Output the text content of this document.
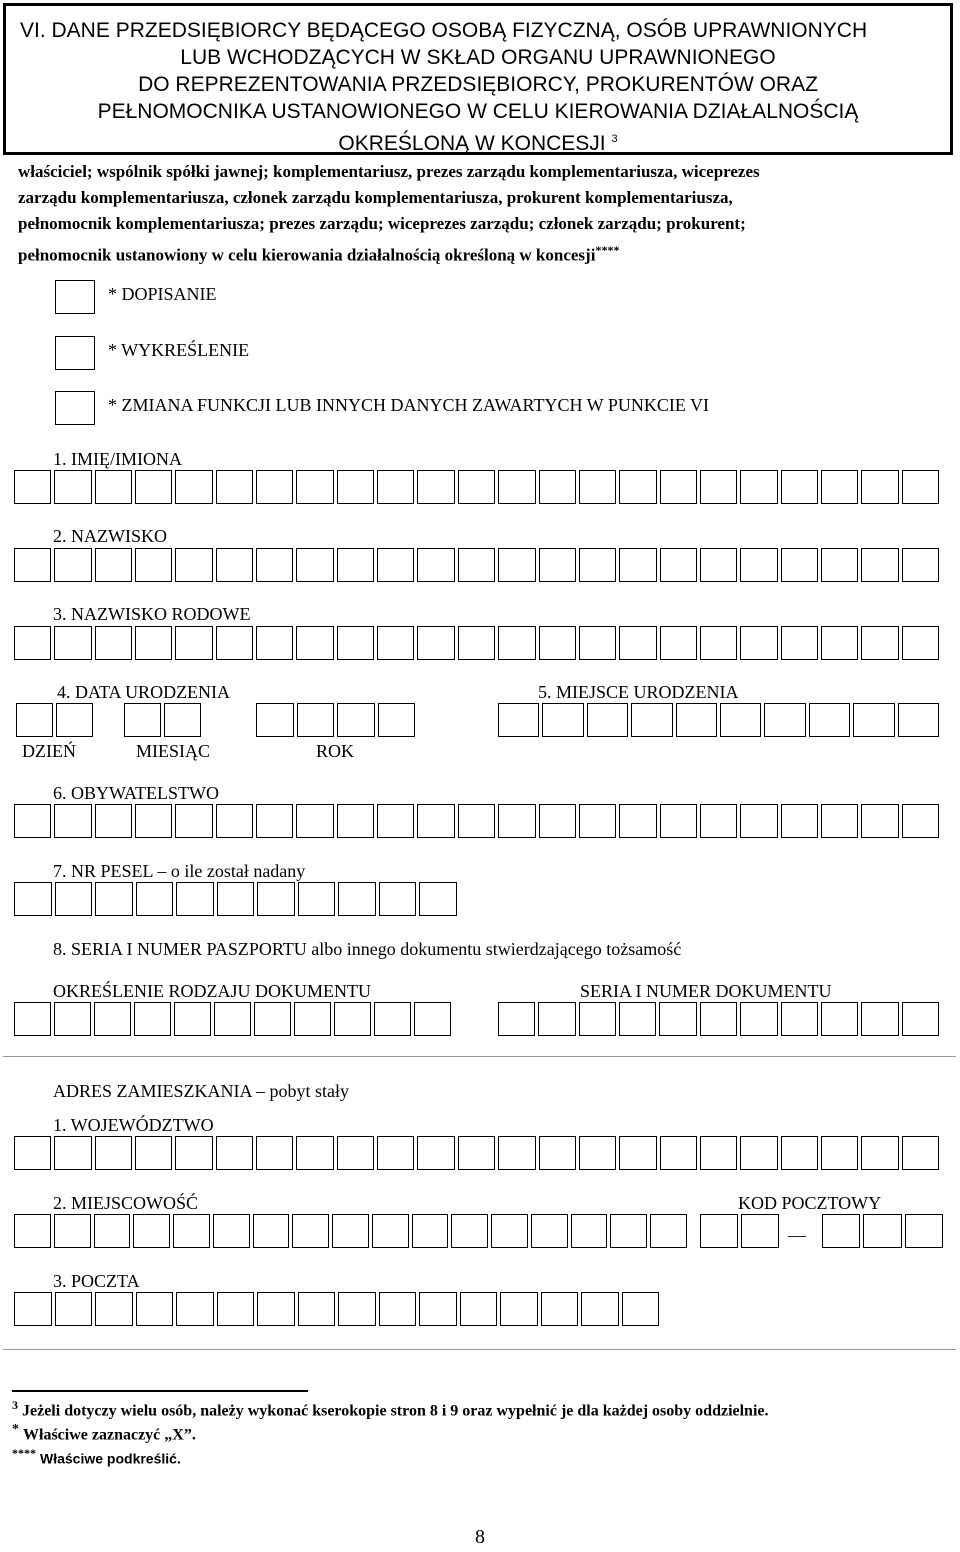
VI. DANE PRZEDSIĘBIORCY BĘDĄCEGO OSOBĄ FIZYCZNĄ, OSÓB UPRAWNIONYCH
LUB WCHODZĄCYCH W SKŁAD ORGANU UPRAWNIONEGO
DO REPREZENTOWANIA PRZEDSIĘBIORCY, PROKURENTÓW ORAZ
PEŁNOMOCNIKA USTANOWIONEGO W CELU KIEROWANIA DZIAŁALNOŚCIĄ
OKREŚLONĄ W KONCESJI $^3$
właściciel; wspólnik spółki jawnej; komplementariusz, prezes zarządu komplementariusza, wiceprezes
zarządu komplementariusza, członek zarządu komplementariusza, prokurent komplementariusza,
pełnomocnik komplementariusza; prezes zarządu; wiceprezes zarządu; członek zarządu; prokurent;
pełnomocnik ustanowiony w celu kierowania działalnością określoną w koncesji****
* DOPISANIE
* WYKREŚLENIE
* ZMIANA FUNKCJI LUB INNYCH DANYCH ZAWARTYCH W PUNKCIE VI
1. IMIĘ/IMIONA
2. NAZWISKO
3. NAZWISKO RODOWE
4. DATA URODZENIA	5. MIEJSCE URODZENIA
DZIEŃ	MIESIĄC	ROK
6. OBYWATELSTWO
7. NR PESEL – o ile został nadany
8. SERIA I NUMER PASZPORTU albo innego dokumentu stwierdzającego tożsamość
OKREŚLENIE RODZAJU DOKUMENTU	SERIA I NUMER DOKUMENTU
ADRES ZAMIESZKANIA – pobyt stały
1. WOJEWÓDZTWO
2. MIEJSCOWOŚĆ	KOD POCZTOWY
—
3. POCZTA
$^3$ Jeżeli dotyczy wielu osób, należy wykonać kserokopie stron 8 i 9 oraz wypełnić je dla każdej osoby oddzielnie.
* Właściwe zaznaczyć „X”.
**** Właściwe podkreślić.
8
